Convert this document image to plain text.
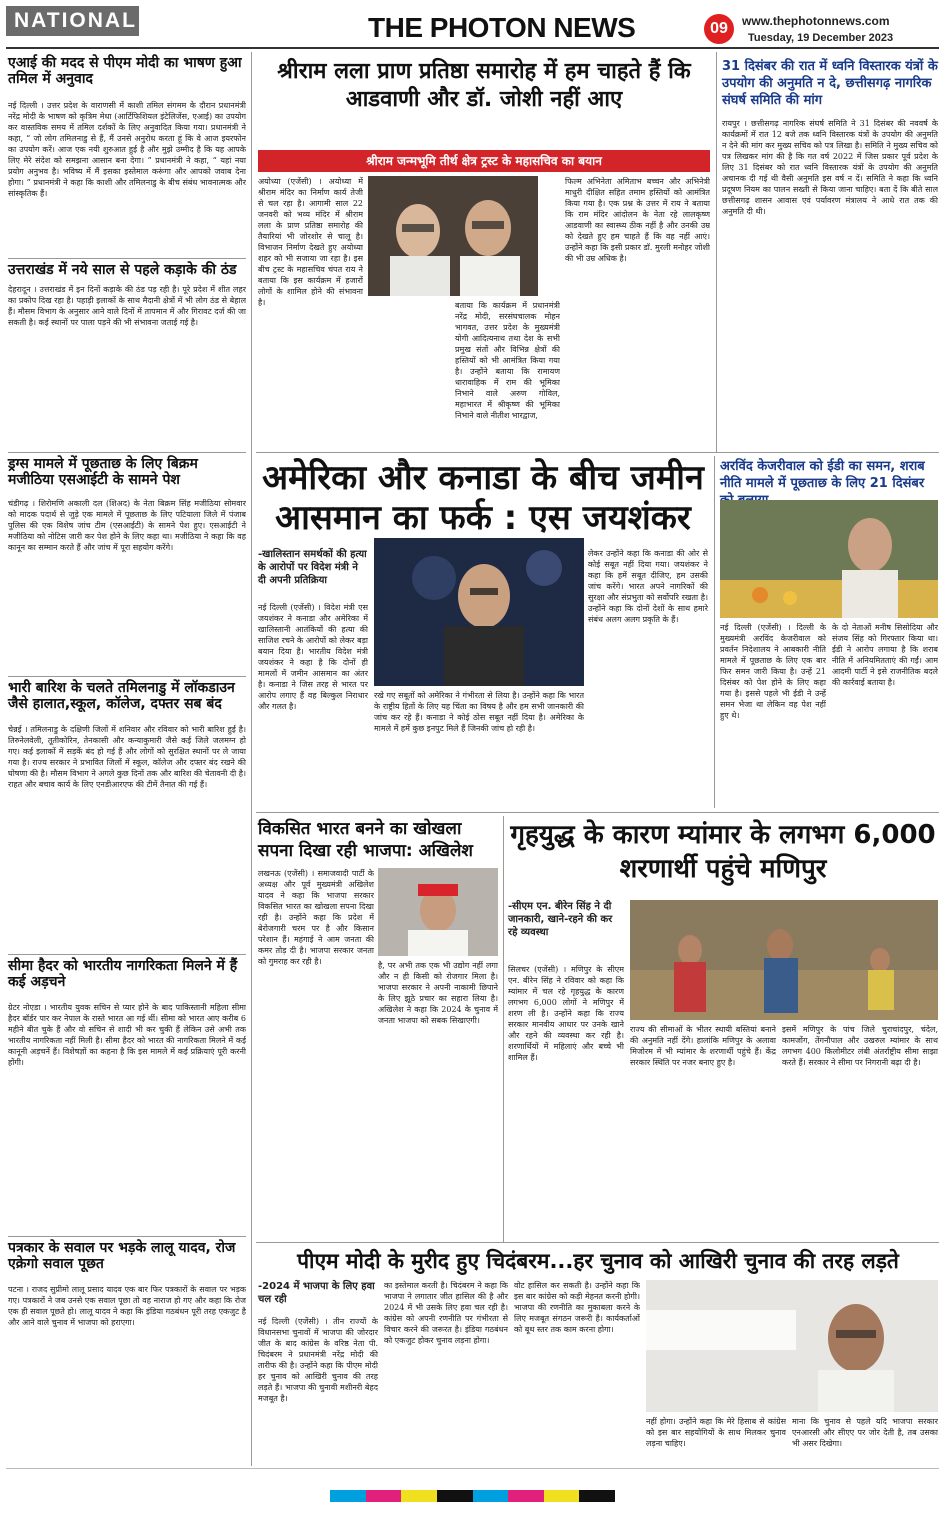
NATIONAL	THE PHOTON NEWS	09	www.thephotonnews.com
Tuesday, 19 December 2023
एआई की मदद से पीएम मोदी का भाषण हुआ तमिल में अनुवाद
नई दिल्ली । उत्तर प्रदेश के वाराणसी में काशी तमिल संगमम के दौरान प्रधानमंत्री नरेंद्र मोदी के भाषण को कृत्रिम मेधा (आर्टिफिशियल इंटेलिजेंस, एआई) का उपयोग कर वास्तविक समय में तमिल दर्शकों के लिए अनुवादित किया गया। प्रधानमंत्री ने कहा, “ जो लोग तमिलनाडु से हैं, मैं उनसे अनुरोध करता हूं कि वे आज इयरफोन का उपयोग करें। आज एक नयी शुरुआत हुई है और मुझे उम्मीद है कि यह आपके लिए मेरे संदेश को समझना आसान बना देगा। ” प्रधानमंत्री ने कहा, “ यहां नया प्रयोग अनुभव है। भविष्य में मैं इसका इस्तेमाल करूंगा और आपको जवाब देना होगा। ” प्रधानमंत्री ने कहा कि काशी और तमिलनाडु के बीच संबंध भावनात्मक और सांस्कृतिक हैं।
उत्तराखंड में नये साल से पहले कड़ाके की ठंड
देहरादून । उत्तराखंड में इन दिनों कड़ाके की ठंड पड़ रही है। पूरे प्रदेश में शीत लहर का प्रकोप दिख रहा है। पहाड़ी इलाकों के साथ मैदानी क्षेत्रों में भी लोग ठंड से बेहाल हैं। मौसम विभाग के अनुसार आने वाले दिनों में तापमान में और गिरावट दर्ज की जा सकती है। कई स्थानों पर पाला पड़ने की भी संभावना जताई गई है।
ड्रग्स मामले में पूछताछ के लिए बिक्रम मजीठिया एसआईटी के सामने पेश
चंडीगढ़ । शिरोमणि अकाली दल (शिअद) के नेता बिक्रम सिंह मजीठिया सोमवार को मादक पदार्थ से जुड़े एक मामले में पूछताछ के लिए पटियाला जिले में पंजाब पुलिस की एक विशेष जांच टीम (एसआईटी) के सामने पेश हुए। एसआईटी ने मजीठिया को नोटिस जारी कर पेश होने के लिए कहा था। मजीठिया ने कहा कि वह कानून का सम्मान करते हैं और जांच में पूरा सहयोग करेंगे।
भारी बारिश के चलते तमिलनाडु में लॉकडाउन जैसे हालात,स्कूल, कॉलेज, दफ्तर सब बंद
चेन्नई । तमिलनाडु के दक्षिणी जिलों में शनिवार और रविवार को भारी बारिश हुई है। तिरुनेलवेली, तूतीकोरिन, तेनकासी और कन्याकुमारी जैसे कई जिले जलमग्न हो गए। कई इलाकों में सड़कें बंद हो गई हैं और लोगों को सुरक्षित स्थानों पर ले जाया गया है। राज्य सरकार ने प्रभावित जिलों में स्कूल, कॉलेज और दफ्तर बंद रखने की घोषणा की है। मौसम विभाग ने अगले कुछ दिनों तक और बारिश की चेतावनी दी है। राहत और बचाव कार्य के लिए एनडीआरएफ की टीमें तैनात की गई हैं।
सीमा हैदर को भारतीय नागरिकता मिलने में हैं कई अड़चने
ग्रेटर नोएडा । भारतीय युवक सचिन से प्यार होने के बाद पाकिस्तानी महिला सीमा हैदर बॉर्डर पार कर नेपाल के रास्ते भारत आ गई थीं। सीमा को भारत आए करीब 6 महीने बीत चुके हैं और वो सचिन से शादी भी कर चुकी हैं लेकिन उसे अभी तक भारतीय नागरिकता नहीं मिली है। सीमा हैदर को भारत की नागरिकता मिलने में कई कानूनी अड़चनें हैं। विशेषज्ञों का कहना है कि इस मामले में कई प्रक्रियाएं पूरी करनी होंगी।
पत्रकार के सवाल पर भड़के लालू यादव, रोज एक्रेगो सवाल पूछत
पटना । राजद सुप्रीमो लालू प्रसाद यादव एक बार फिर पत्रकारों के सवाल पर भड़क गए। पत्रकारों ने जब उनसे एक सवाल पूछा तो वह नाराज हो गए और कहा कि रोज एक ही सवाल पूछते हो। लालू यादव ने कहा कि इंडिया गठबंधन पूरी तरह एकजुट है और आने वाले चुनाव में भाजपा को हराएगा।
श्रीराम लला प्राण प्रतिष्ठा समारोह में हम चाहते हैं कि आडवाणी और डॉ. जोशी नहीं आए
श्रीराम जन्मभूमि तीर्थ क्षेत्र ट्रस्ट के महासचिव का बयान
अयोध्या (एजेंसी) । अयोध्या में श्रीराम मंदिर का निर्माण कार्य तेजी से चल रहा है। आगामी साल 22 जनवरी को भव्य मंदिर में श्रीराम लला के प्राण प्रतिष्ठा समारोह की तैयारियां भी जोरशोर से चालू है। विभाजन निर्माण देखते हुए अयोध्या शहर को भी सजाया जा रहा है। इस बीच ट्रस्ट के महासचिव चंपत राय ने बताया कि इस कार्यक्रम में हजारों लोगों के शामिल होने की संभावना है।	बताया कि कार्यक्रम में प्रधानमंत्री नरेंद्र मोदी, सरसंघचालक मोहन भागवत, उत्तर प्रदेश के मुख्यमंत्री योगी आदित्यनाथ तथा देश के सभी प्रमुख संतों और विभिन्न क्षेत्रों की हस्तियों को भी आमंत्रित किया गया है। उन्होंने बताया कि रामायण धारावाहिक में राम की भूमिका निभाने वाले अरुण गोविल, महाभारत में श्रीकृष्ण की भूमिका निभाने वाले नीतीश भारद्वाज,
फिल्म अभिनेता अमिताभ बच्चन और अभिनेत्री माधुरी दीक्षित सहित तमाम हस्तियों को आमंत्रित किया गया है। एक प्रश्न के उत्तर में राय ने बताया कि राम मंदिर आंदोलन के नेता रहे लालकृष्ण आडवाणी का स्वास्थ्य ठीक नहीं है और उनकी उम्र को देखते हुए हम चाहते हैं कि वह नहीं आएं। उन्होंने कहा कि इसी प्रकार डॉ. मुरली मनोहर जोशी की भी उम्र अधिक है।
31 दिसंबर की रात में ध्वनि विस्तारक यंत्रों के उपयोग की अनुमति न दे, छत्तीसगढ़ नागरिक संघर्ष समिति की मांग
रायपुर । छत्तीसगढ़ नागरिक संघर्ष समिति ने 31 दिसंबर की नववर्ष के कार्यक्रमों में रात 12 बजे तक ध्वनि विस्तारक यंत्रों के उपयोग की अनुमति न देने की मांग कर मुख्य सचिव को पत्र लिखा है। समिति ने मुख्य सचिव को पत्र लिखकर मांग की है कि गत वर्ष 2022 में जिस प्रकार पूर्व प्रदेश के लिए 31 दिसंबर को रात ध्वनि विस्तारक यंत्रों के उपयोग की अनुमति अचानक दी गई थी वैसी अनुमति इस वर्ष न दें। समिति ने कहा कि ध्वनि प्रदूषण नियम का पालन सख्ती से किया जाना चाहिए। बता दें कि बीते साल छत्तीसगढ़ शासन आवास एवं पर्यावरण मंत्रालय ने आधे रात तक की अनुमति दी थी।
अमेरिका और कनाडा के बीच जमीन आसमान का फर्क : एस जयशंकर
-खालिस्तान समर्थकों की हत्या के आरोपों पर विदेश मंत्री ने दी अपनी प्रतिक्रिया
नई दिल्ली (एजेंसी) । विदेश मंत्री एस जयशंकर ने कनाडा और अमेरिका में खालिस्तानी आतंकियों की हत्या की साजिश रचने के आरोपों को लेकर बड़ा बयान दिया है। भारतीय विदेश मंत्री जयशंकर ने कहा है कि दोनों ही मामलों में जमीन आसमान का अंतर है। कनाडा ने जिस तरह से भारत पर आरोप लगाए हैं वह बिल्कुल निराधार और गलत है।
रखे गए सबूतों को अमेरिका ने गंभीरता से लिया है। उन्होंने कहा कि भारत के राष्ट्रीय हितों के लिए यह चिंता का विषय है और हम सभी जानकारी की जांच कर रहे हैं। कनाडा ने कोई ठोस सबूत नहीं दिया है। अमेरिका के मामले में हमें कुछ इनपुट मिले हैं जिनकी जांच हो रही है।
लेकर उन्होंने कहा कि कनाडा की ओर से कोई सबूत नहीं दिया गया। जयशंकर ने कहा कि हमें सबूत दीजिए, हम उसकी जांच करेंगे। भारत अपने नागरिकों की सुरक्षा और संप्रभुता को सर्वोपरि रखता है। उन्होंने कहा कि दोनों देशों के साथ हमारे संबंध अलग अलग प्रकृति के हैं।
अरविंद केजरीवाल को ईडी का समन, शराब नीति मामले में पूछताछ के लिए 21 दिसंबर
नई दिल्ली (एजेंसी) । दिल्ली के मुख्यमंत्री अरविंद केजरीवाल को प्रवर्तन निदेशालय ने आबकारी नीति मामले में पूछताछ के लिए एक बार फिर समन जारी किया है। उन्हें 21 दिसंबर को पेश होने के लिए कहा गया है। इससे पहले भी ईडी ने उन्हें समन भेजा था लेकिन वह पेश नहीं हुए थे।
के दो नेताओं मनीष सिसोदिया और संजय सिंह को गिरफ्तार किया था। ईडी ने आरोप लगाया है कि शराब नीति में अनियमितताएं की गईं। आम आदमी पार्टी ने इसे राजनीतिक बदले की कार्रवाई बताया है।
विकसित भारत बनने का खोखला सपना दिखा रही भाजपा: अखिलेश
लखनऊ (एजेंसी) । समाजवादी पार्टी के अध्यक्ष और पूर्व मुख्यमंत्री अखिलेश यादव ने कहा कि भाजपा सरकार विकसित भारत का खोखला सपना दिखा रही है। उन्होंने कहा कि प्रदेश में बेरोजगारी चरम पर है और किसान परेशान हैं। महंगाई ने आम जनता की कमर तोड़ दी है। भाजपा सरकार जनता को गुमराह कर रही है।	है, पर अभी तक एक भी उद्योग नहीं लगा और न ही किसी को रोजगार मिला है। भाजपा सरकार ने अपनी नाकामी छिपाने के लिए झूठे प्रचार का सहारा लिया है। अखिलेश ने कहा कि 2024 के चुनाव में जनता भाजपा को सबक सिखाएगी।
गृहयुद्ध के कारण म्यांमार के लगभग 6,000 शरणार्थी पहुंचे मणिपुर
-सीएम एन. बीरेन सिंह ने दी जानकारी, खाने-रहने की कर रहे व्यवस्था
सिलचर (एजेंसी) । मणिपुर के सीएम एन. बीरेन सिंह ने रविवार को कहा कि म्यांमार में चल रहे गृहयुद्ध के कारण लगभग 6,000 लोगों ने मणिपुर में शरण ली है। उन्होंने कहा कि राज्य सरकार मानवीय आधार पर उनके खाने और रहने की व्यवस्था कर रही है। शरणार्थियों में महिलाएं और बच्चे भी शामिल हैं।
राज्य की सीमाओं के भीतर स्थायी बस्तियां बनाने की अनुमति नहीं देंगे। हालांकि मणिपुर के अलावा मिजोरम में भी म्यांमार के शरणार्थी पहुंचे हैं। केंद्र सरकार स्थिति पर नजर बनाए हुए है।
इसमें मणिपुर के पांच जिले चुराचांदपुर, चंदेल, कामजोंग, तेंगनौपाल और उखरुल म्यांमार के साथ लगभग 400 किलोमीटर लंबी अंतर्राष्ट्रीय सीमा साझा करते हैं। सरकार ने सीमा पर निगरानी बढ़ा दी है।
पीएम मोदी के मुरीद हुए चिदंबरम...हर चुनाव को आखिरी चुनाव की तरह लड़ते
-2024 में भाजपा के लिए हवा चल रही
नई दिल्ली (एजेंसी) । तीन राज्यों के विधानसभा चुनावों में भाजपा की जोरदार जीत के बाद कांग्रेस के वरिष्ठ नेता पी. चिदंबरम ने प्रधानमंत्री नरेंद्र मोदी की तारीफ की है। उन्होंने कहा कि पीएम मोदी हर चुनाव को आखिरी चुनाव की तरह लड़ते हैं। भाजपा की चुनावी मशीनरी बेहद मजबूत है।
का इस्तेमाल करती है। चिदंबरम ने कहा कि भाजपा ने लगातार जीत हासिल की है और 2024 में भी उसके लिए हवा चल रही है। कांग्रेस को अपनी रणनीति पर गंभीरता से विचार करने की जरूरत है। इंडिया गठबंधन को एकजुट होकर चुनाव लड़ना होगा।
वोट हासिल कर सकती है। उन्होंने कहा कि इस बार कांग्रेस को कड़ी मेहनत करनी होगी। भाजपा की रणनीति का मुकाबला करने के लिए मजबूत संगठन जरूरी है। कार्यकर्ताओं को बूथ स्तर तक काम करना होगा।
नहीं होगा। उन्होंने कहा कि मेरे हिसाब से कांग्रेस को इस बार सहयोगियों के साथ मिलकर चुनाव लड़ना चाहिए।
माना कि चुनाव से पहले यदि भाजपा सरकार एनआरसी और सीएए पर जोर देती है, तब उसका भी असर दिखेगा।
